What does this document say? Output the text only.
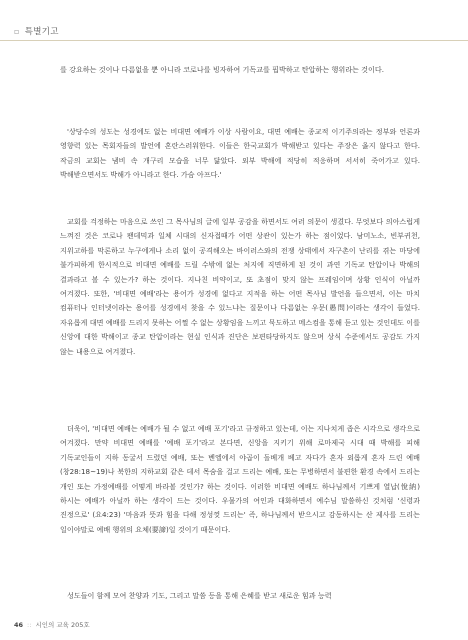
▫ 특별기고

를 강요하는 것이나 다름없을 뿐 아니라 코로나를 빙자하여 기독교를 핍박하고 탄압하는 행위라는 것이다.

'상당수의 성도는 성경에도 없는 비대면 예배가 이상 사람이요, 대면 예배는 종교적 이기주의라는 정부와 언론과 영향력 있는 목회자들의 발언에 혼란스러워한다. 이들은 한국교회가 박해받고 있다는 주장은 옳지 않다고 한다. 작금의 교회는 냄비 속 개구리 모습을 너무 닮았다. 외부 박해에 적당히 적응하며 서서히 죽어가고 있다. 박해받으면서도 박해가 아니라고 한다. 가슴 아프다.'

교회를 걱정하는 마음으로 쓰인 그 목사님의 글에 일부 공감을 하면서도 여러 의문이 생겼다. 무엇보다 의아스럽게 느껴진 것은 코로나 팬데믹과 일체 시대의 신자접때가 어떤 상관이 있는가 하는 점이었다. 남미노소, 빈부귀천, 지위고하를 막론하고 누구에게나 소리 없이 공격해오는 바이러스와의 전쟁 상태에서 자구촌이 난리를 겪는 마당에 불가피하게 한시적으로 비대면 예배를 드릴 수밖에 없는 처지에 직면하게 된 것이 과연 기독교 탄압이나 박해의 결과라고 볼 수 있는가? 하는 것이다. 지나친 비약이고, 또 초점이 맞지 않는 프레임이며 상황 인식이 아닐까 여겨졌다. 또한, '비대면 예배'라는 용어가 성경에 없다고 지적을 하는 어떤 목사님 발언을 들으면서, 이는 마치 컴퓨터나 인터넷이라는 용어를 성경에서 찾을 수 있느냐는 질문이나 다름없는 우문(愚問)이라는 생각이 들었다. 자유롭게 대면 예배를 드리지 못하는 어쩔 수 없는 상황임을 느끼고 묵도하고 메스컴을 통해 듣고 있는 것인데도 이를 신앙에 대한 박해이고 종교 탄압이라는 현실 인식과 진단은 보편타당하지도 않으며 상식 수준에서도 공감도 가지 않는 내용으로 여겨졌다.

더욱이, '비대면 예배는 예배가 될 수 없고 예배 포기'라고 규정하고 있는데, 이는 지나치게 좁은 시각으로 생각으로 여겨졌다. 만약 비대면 예배를 '예배 포기'라고 본다면, 신앙을 지키기 위해 로마제국 시대 때 박해를 피해 기독교인들이 지하 동굴서 드렸던 예배, 또는 벤엘에서 야곱이 돌베개 베고 자다가 혼자 외롭게 혼자 드린 예배(창28:18~19)나 북한의 지하교회 같은 데서 목숨을 걸고 드리는 예배, 또는 무병하면서 불편한 환경 속에서 드리는 개인 또는 가정예배를 어떻게 바라볼 것인가? 하는 것이다. 이러한 비대면 예배도 하나님께서 기쁘게 열납(悅納)하시는 예배가 아닐까 하는 생각이 드는 것이다. 우물가의 여인과 대화하면서 예수님 말씀하신 것처럼 '신령과 진정으로' (요4:23) '마음과 뜻과 힘을 다해 정성껏 드리는' 즉, 하나님께서 받으시고 감동하시는 산 제사를 드리는 일이야말로 예배 행위의 요체(要諦)일 것이기 때문이다.

성도들이 함께 모여 찬양과 기도, 그리고 말씀 등을 통해 은혜를 받고 새로운 힘과 능력

46 :: 시인의 교육 205호
